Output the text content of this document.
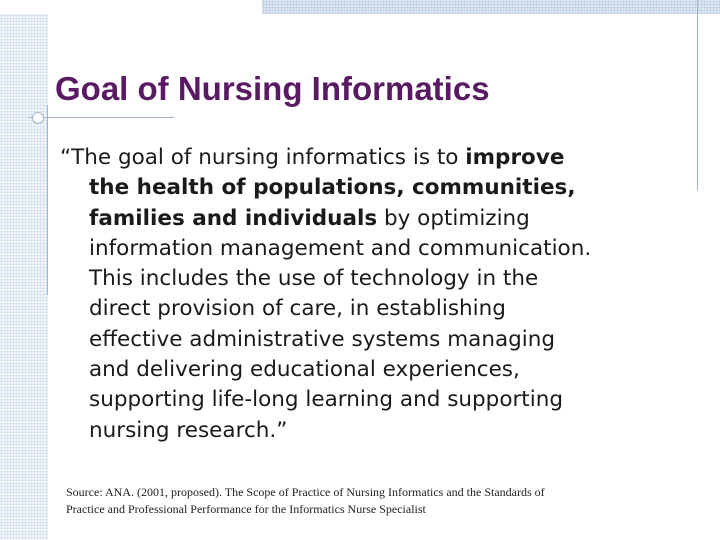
Goal of Nursing Informatics

“The goal of nursing informatics is to improve
the health of populations, communities,
families and individuals by optimizing
information management and communication.
This includes the use of technology in the
direct provision of care, in establishing
effective administrative systems managing
and delivering educational experiences,
supporting life-long learning and supporting
nursing research.”

Source: ANA. (2001, proposed). The Scope of Practice of Nursing Informatics and the Standards of
Practice and Professional Performance for the Informatics Nurse Specialist
